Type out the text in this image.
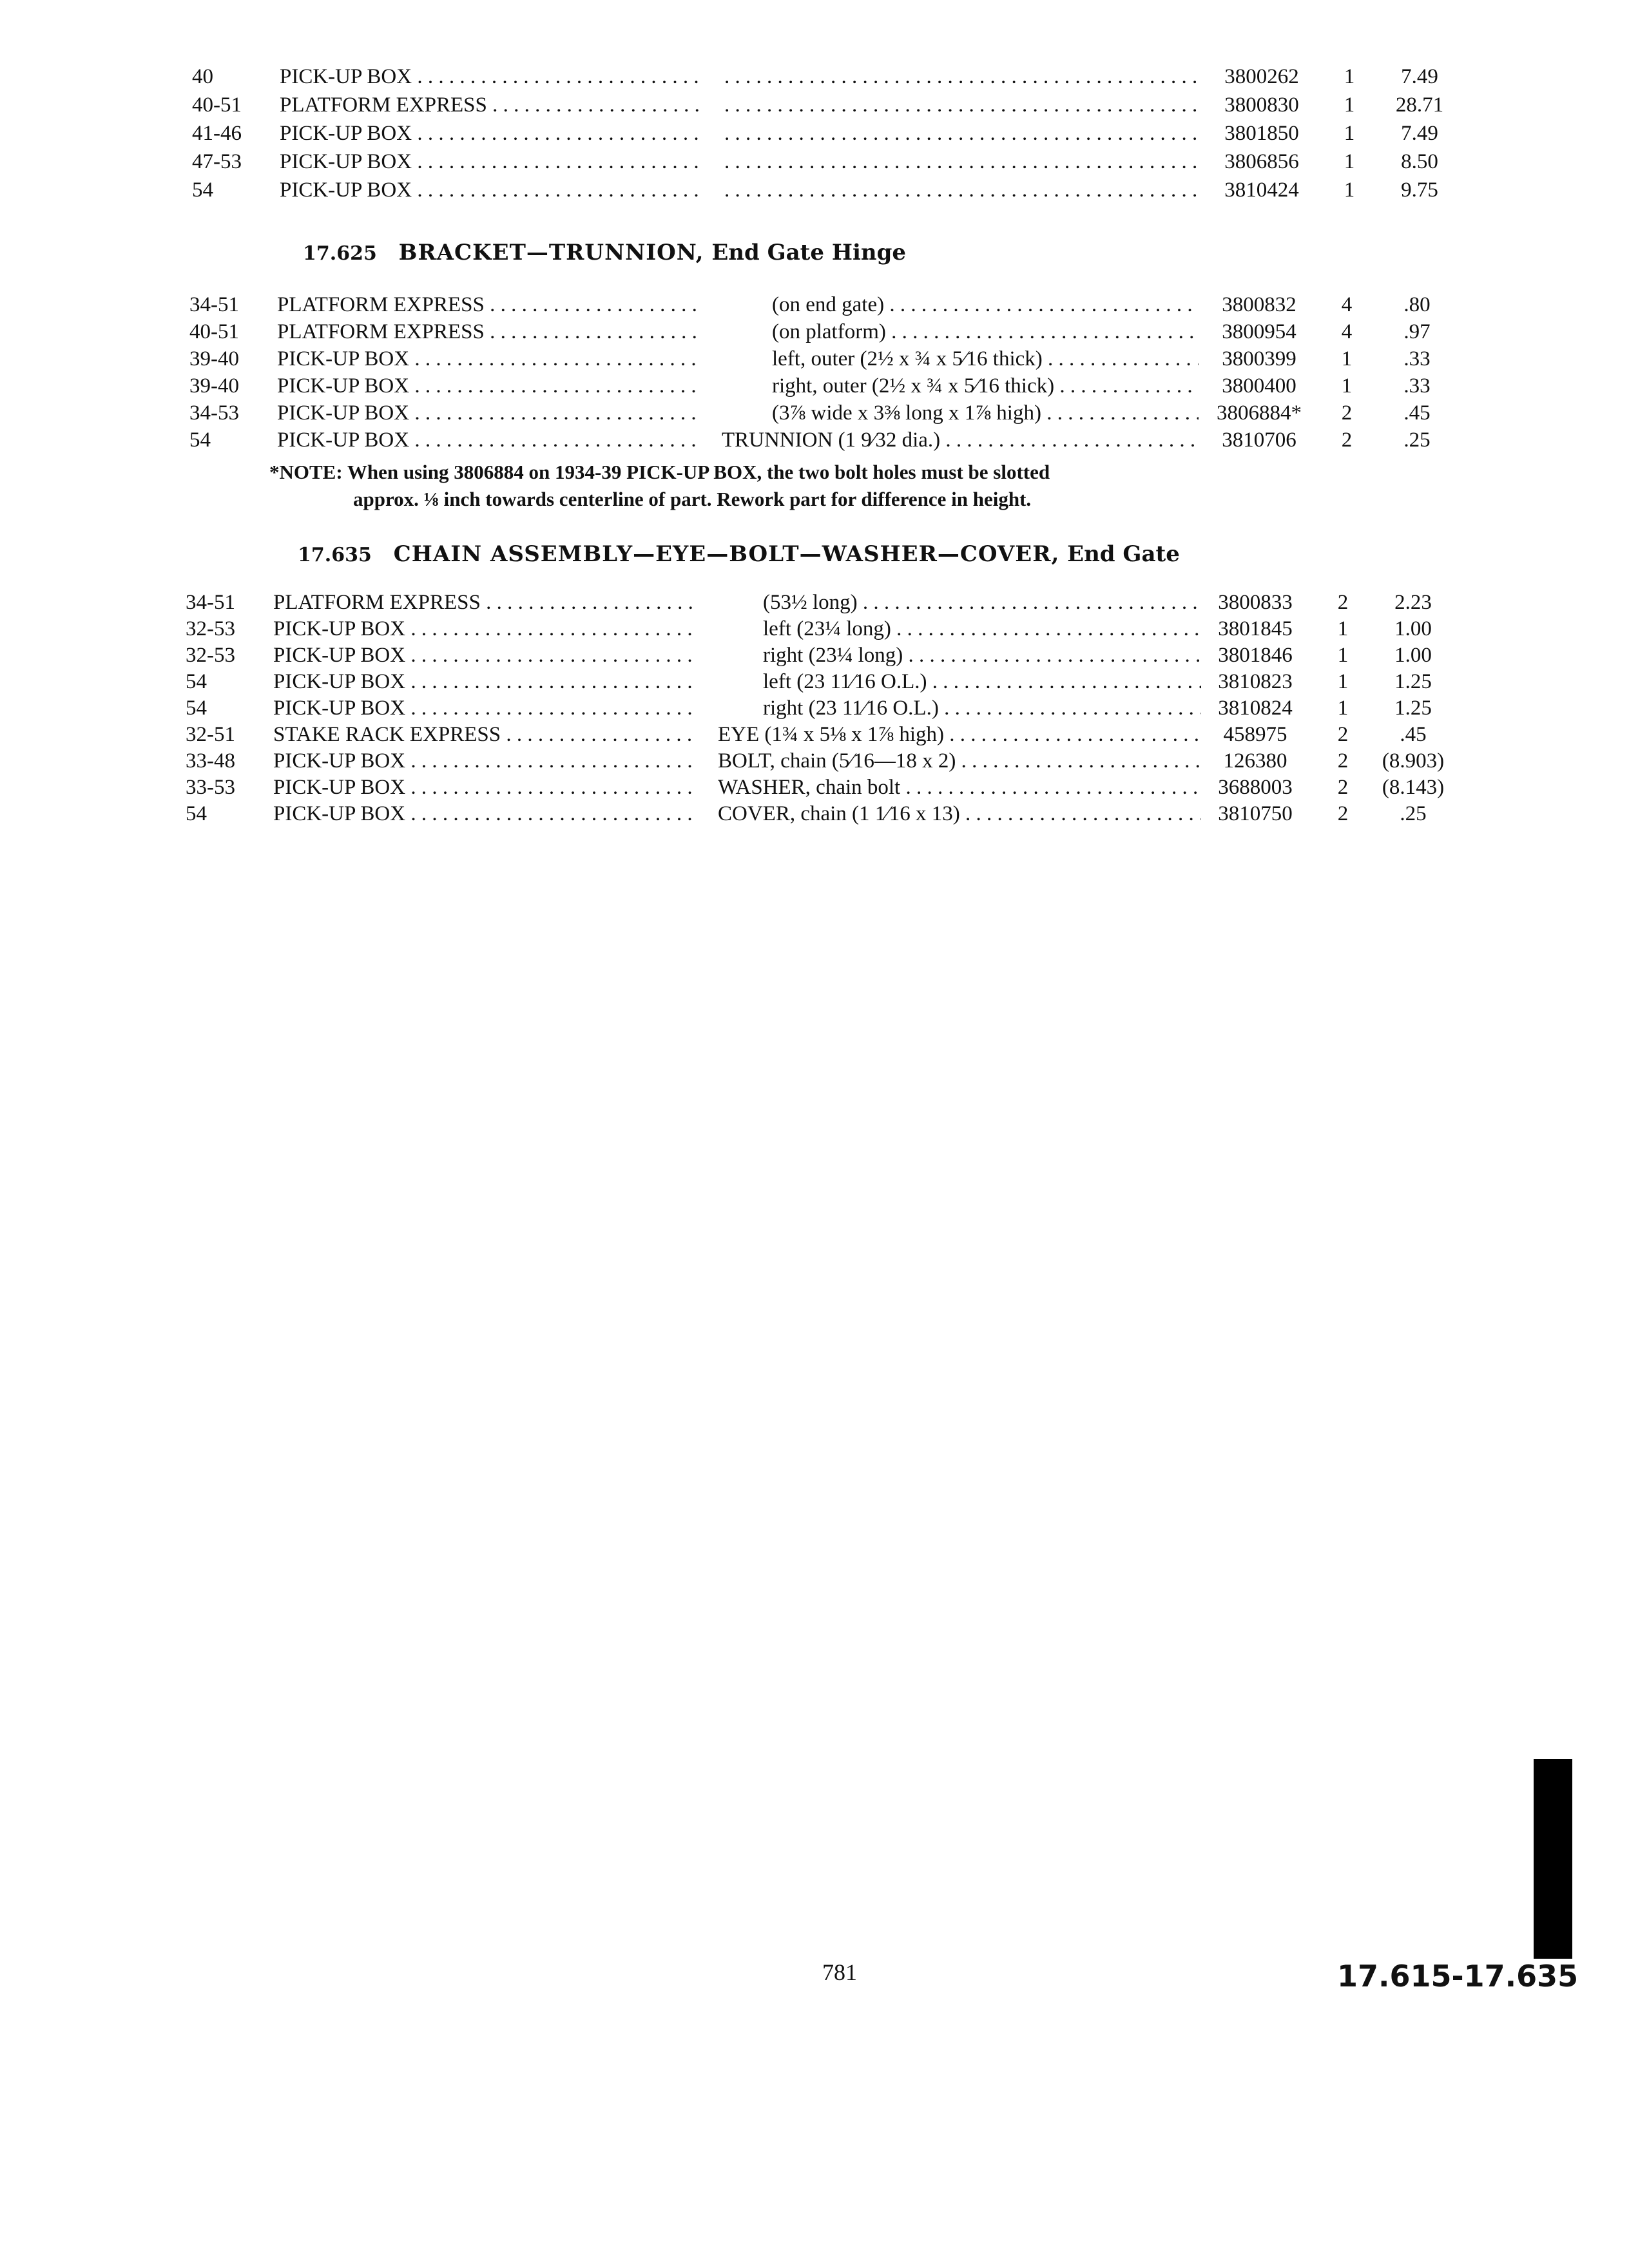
40	PICK-UP BOX . . . . . .	3800262	1	7.49
40-51	PLATFORM EXPRESS . . . . . .	3800830	1	28.71
41-46	PICK-UP BOX . . . . . .	3801850	1	7.49
47-53	PICK-UP BOX . . . . . .	3806856	1	8.50
54	PICK-UP BOX . . . . . .	3810424	1	9.75
17.625 BRACKET—TRUNNION, End Gate Hinge
34-51	PLATFORM EXPRESS . . .	(on end gate) . . .	3800832	4	.80
40-51	PLATFORM EXPRESS . . .	(on platform) . . .	3800954	4	.97
39-40	PICK-UP BOX . . .	left, outer (2½ x ¾ x 5⁄16 thick) . . .	3800399	1	.33
39-40	PICK-UP BOX . . .	right, outer (2½ x ¾ x 5⁄16 thick) . . .	3800400	1	.33
34-53	PICK-UP BOX . . .	(3⅞ wide x 3⅜ long x 1⅞ high) . . .	3806884*	2	.45
54	PICK-UP BOX . . .	TRUNNION (1 9⁄32 dia.) . . .	3810706	2	.25
*NOTE: When using 3806884 on 1934-39 PICK-UP BOX, the two bolt holes must be slotted
approx. ⅛ inch towards centerline of part. Rework part for difference in height.
17.635 CHAIN ASSEMBLY—EYE—BOLT—WASHER—COVER, End Gate
34-51	PLATFORM EXPRESS . . .	(53½ long) . . .	3800833	2	2.23
32-53	PICK-UP BOX . . .	left (23¼ long) . . .	3801845	1	1.00
32-53	PICK-UP BOX . . .	right (23¼ long) . . .	3801846	1	1.00
54	PICK-UP BOX . . .	left (23 11⁄16 O.L.) . . .	3810823	1	1.25
54	PICK-UP BOX . . .	right (23 11⁄16 O.L.) . . .	3810824	1	1.25
32-51	STAKE RACK EXPRESS . . .	EYE (1¾ x 5⅛ x 1⅞ high) . . .	458975	2	.45
33-48	PICK-UP BOX . . .	BOLT, chain (5⁄16—18 x 2) . . .	126380	2	(8.903)
33-53	PICK-UP BOX . . .	WASHER, chain bolt . . .	3688003	2	(8.143)
54	PICK-UP BOX . . .	COVER, chain (1 1⁄16 x 13) . . .	3810750	2	.25
781	17.615-17.635
